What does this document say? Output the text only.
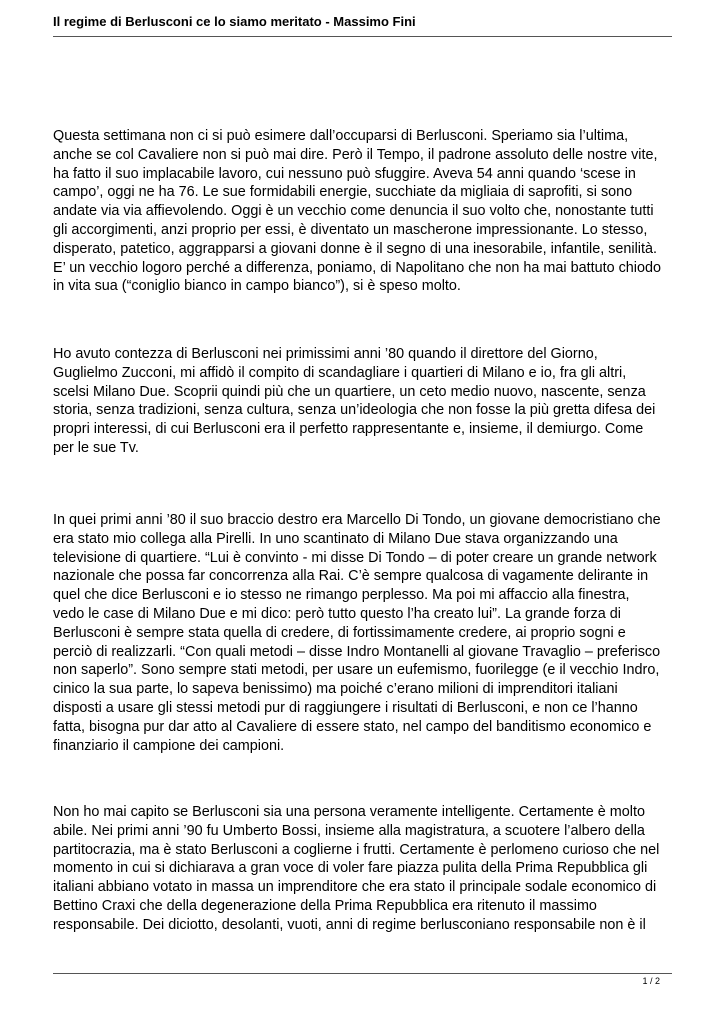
Il regime di Berlusconi ce lo siamo meritato - Massimo Fini
Questa settimana non ci si può esimere dall’occuparsi di Berlusconi. Speriamo sia l’ultima,
anche se col Cavaliere non si può mai dire. Però il Tempo, il padrone assoluto delle nostre vite,
ha fatto il suo implacabile lavoro, cui nessuno può sfuggire. Aveva 54 anni quando ‘scese in
campo’, oggi ne ha 76. Le sue formidabili energie, succhiate da migliaia di saprofiti, si sono
andate via via affievolendo. Oggi è un vecchio come denuncia il suo volto che, nonostante tutti
gli accorgimenti, anzi proprio per essi, è diventato un mascherone impressionante. Lo stesso,
disperato, patetico, aggrapparsi a giovani donne è il segno di una inesorabile, infantile, senilità.
E’ un vecchio logoro perché a differenza, poniamo, di Napolitano che non ha mai battuto chiodo
in vita sua (“coniglio bianco in campo bianco”), si è speso molto.
Ho avuto contezza di Berlusconi nei primissimi anni ’80 quando il direttore del Giorno,
Guglielmo Zucconi, mi affidò il compito di scandagliare i quartieri di Milano e io, fra gli altri,
scelsi Milano Due. Scoprii quindi più che un quartiere, un ceto medio nuovo, nascente, senza
storia, senza tradizioni, senza cultura, senza un’ideologia che non fosse la più gretta difesa dei
propri interessi, di cui Berlusconi era il perfetto rappresentante e, insieme, il demiurgo. Come
per le sue Tv.
In quei primi anni ’80 il suo braccio destro era Marcello Di Tondo, un giovane democristiano che
era stato mio collega alla Pirelli. In uno scantinato di Milano Due stava organizzando una
televisione di quartiere. “Lui è convinto - mi disse Di Tondo – di poter creare un grande network
nazionale che possa far concorrenza alla Rai. C’è sempre qualcosa di vagamente delirante in
quel che dice Berlusconi e io stesso ne rimango perplesso. Ma poi mi affaccio alla finestra,
vedo le case di Milano Due e mi dico: però tutto questo l’ha creato lui”. La grande forza di
Berlusconi è sempre stata quella di credere, di fortissimamente credere, ai proprio sogni e
perciò di realizzarli. “Con quali metodi – disse Indro Montanelli al giovane Travaglio – preferisco
non saperlo”. Sono sempre stati metodi, per usare un eufemismo, fuorilegge (e il vecchio Indro,
cinico la sua parte, lo sapeva benissimo) ma poiché c’erano milioni di imprenditori italiani
disposti a usare gli stessi metodi pur di raggiungere i risultati di Berlusconi, e non ce l’hanno
fatta, bisogna pur dar atto al Cavaliere di essere stato, nel campo del banditismo economico e
finanziario il campione dei campioni.
Non ho mai capito se Berlusconi sia una persona veramente intelligente. Certamente è molto
abile. Nei primi anni ’90 fu Umberto Bossi, insieme alla magistratura, a scuotere l’albero della
partitocrazia, ma è stato Berlusconi a coglierne i frutti. Certamente è perlomeno curioso che nel
momento in cui si dichiarava a gran voce di voler fare piazza pulita della Prima Repubblica gli
italiani abbiano votato in massa un imprenditore che era stato il principale sodale economico di
Bettino Craxi che della degenerazione della Prima Repubblica era ritenuto il massimo
responsabile. Dei diciotto, desolanti, vuoti, anni di regime berlusconiano responsabile non è il
1 / 2
